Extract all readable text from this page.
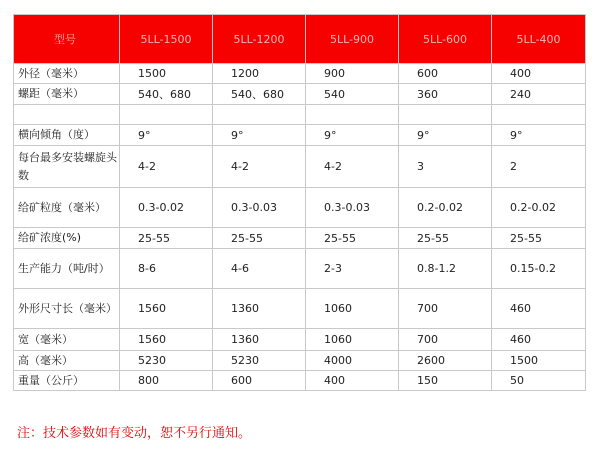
型号	5LL-1500	5LL-1200	5LL-900	5LL-600	5LL-400
外径（毫米）	1500	1200	900	600	400
螺距（毫米）	540、680	540、680	540	360	240

横向倾角（度）	9°	9°	9°	9°	9°
每台最多安装螺旋头数	4-2	4-2	4-2	3	2
给矿粒度（毫米）	0.3-0.02	0.3-0.03	0.3-0.03	0.2-0.02	0.2-0.02
给矿浓度(%)	25-55	25-55	25-55	25-55	25-55
生产能力（吨/时）	8-6	4-6	2-3	0.8-1.2	0.15-0.2
外形尺寸长（毫米）	1560	1360	1060	700	460
宽（毫米）	1560	1360	1060	700	460
高（毫米）	5230	5230	4000	2600	1500
重量（公斤）	800	600	400	150	50
注：技术参数如有变动，恕不另行通知。
